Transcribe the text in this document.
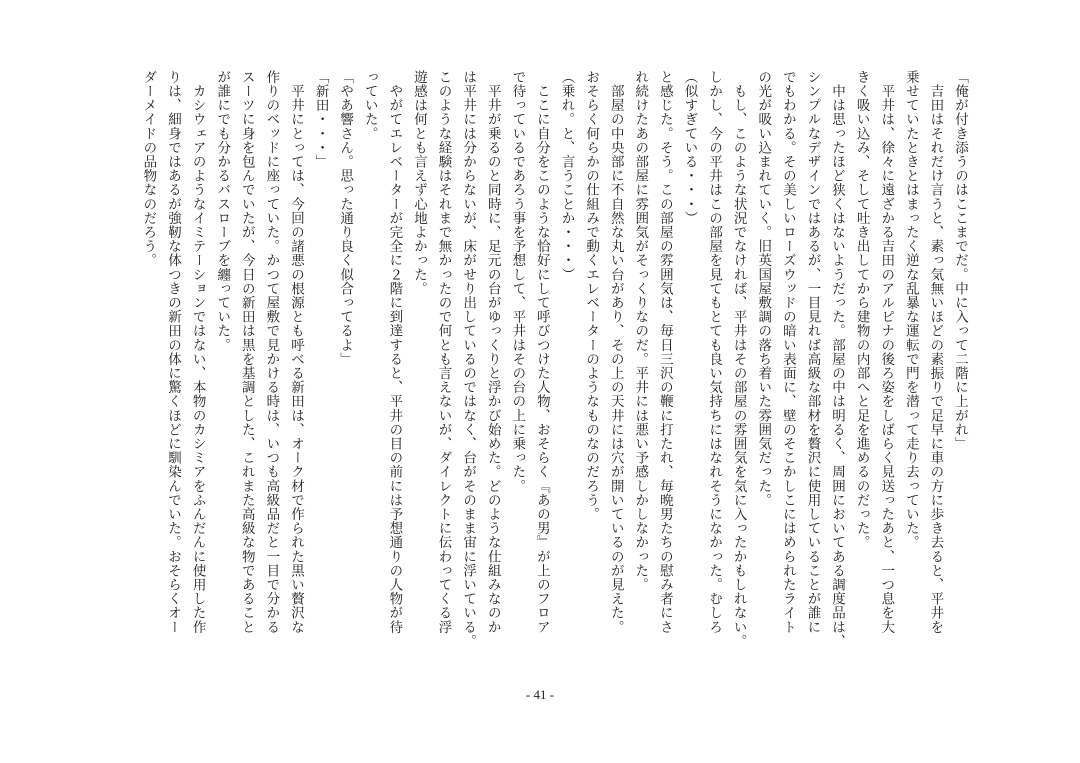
「俺が付き添うのはここまでだ。中に入って二階に上がれ」
　吉田はそれだけ言うと、素っ気無いほどの素振りで足早に車の方に歩き去ると、平井を
乗せていたときとはまったく逆な乱暴な運転で門を潜って走り去っていた。
　平井は、徐々に遠ざかる吉田のアルピナの後ろ姿をしばらく見送ったあと、一つ息を大
きく吸い込み、そして吐き出してから建物の内部へと足を進めるのだった。
　中は思ったほど狭くはないようだった。部屋の中は明るく、周囲においてある調度品は、
シンプルなデザインではあるが、一目見れば高級な部材を贅沢に使用していることが誰に
でもわかる。その美しいローズウッドの暗い表面に、壁のそこかしこにはめられたライト
の光が吸い込まれていく。旧英国屋敷調の落ち着いた雰囲気だった。
　もし、このような状況でなければ、平井はその部屋の雰囲気を気に入ったかもしれない。
しかし、今の平井はこの部屋を見てもとても良い気持ちにはなれそうになかった。むしろ
（似すぎている・・・）
と感じた。そう。この部屋の雰囲気は、毎日三沢の鞭に打たれ、毎晩男たちの慰み者にさ
れ続けたあの部屋に雰囲気がそっくりなのだ。平井には悪い予感しかしなかった。
　部屋の中央部に不自然な丸い台があり、その上の天井には穴が開いているのが見えた。
おそらく何らかの仕組みで動くエレベーターのようなものなのだろう。
（乗れ。と、言うことか・・・）
　ここに自分をこのような恰好にして呼びつけた人物、おそらく『あの男』が上のフロア
で待っているであろう事を予想して、平井はその台の上に乗った。
　平井が乗るのと同時に、足元の台がゆっくりと浮かび始めた。どのような仕組みなのか
は平井には分からないが、床がせり出しているのではなく、台がそのまま宙に浮いている。
このような経験はそれまで無かったので何とも言えないが、ダイレクトに伝わってくる浮
遊感は何とも言えず心地よかった。
　やがてエレベーターが完全に２階に到達すると、平井の目の前には予想通りの人物が待
っていた。
「やあ響さん。思った通り良く似合ってるよ」
「新田・・・」
　平井にとっては、今回の諸悪の根源とも呼べる新田は、オーク材で作られた黒い贅沢な
作りのベッドに座っていた。かつて屋敷で見かける時は、いつも高級品だと一目で分かる
スーツに身を包んでいたが、今日の新田は黒を基調とした、これまた高級な物であること
が誰にでも分かるバスローブを纏っていた。
　カシウェアのようなイミテーションではない、本物のカシミアをふんだんに使用した作
りは、細身ではあるが強靭な体つきの新田の体に驚くほどに馴染んでいた。おそらくオー
ダーメイドの品物なのだろう。
- 41 -
